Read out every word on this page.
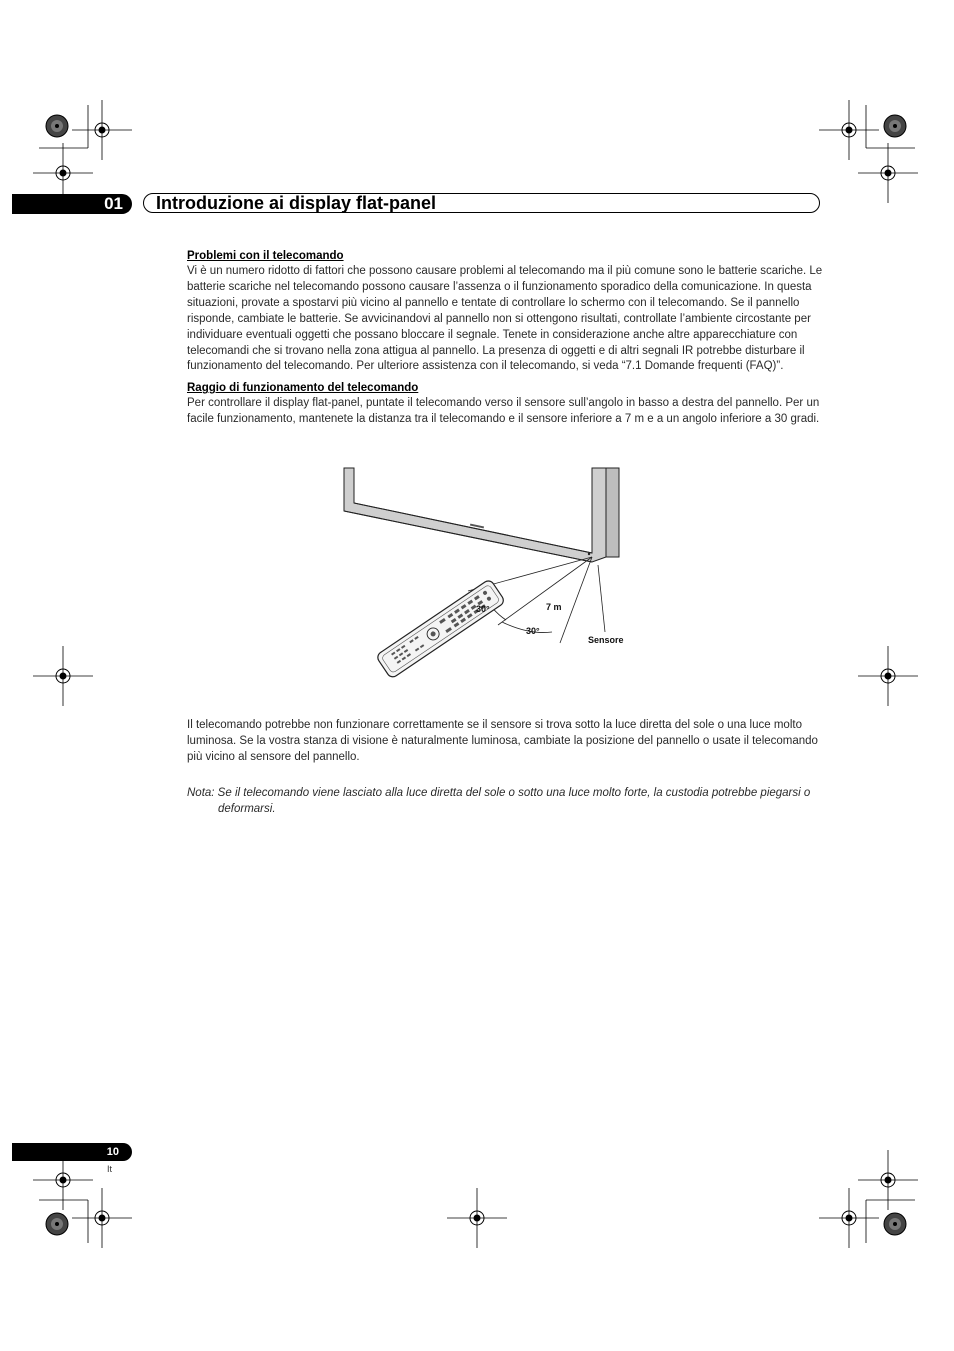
01 Introduzione ai display flat-panel

Problemi con il telecomando

Vi è un numero ridotto di fattori che possono causare problemi al telecomando ma il più comune sono le batterie scariche. Le batterie scariche nel telecomando possono causare l’assenza o il funzionamento sporadico della comunicazione. In questa situazioni, provate a spostarvi più vicino al pannello e tentate di controllare lo schermo con il telecomando. Se il pannello risponde, cambiate le batterie. Se avvicinandovi al pannello non si ottengono risultati, controllate l’ambiente circostante per individuare eventuali oggetti che possano bloccare il segnale. Tenete in considerazione anche altre apparecchiature con telecomandi che si trovano nella zona attigua al pannello. La presenza di oggetti e di altri segnali IR potrebbe disturbare il funzionamento del telecomando. Per ulteriore assistenza con il telecomando, si veda “7.1 Domande frequenti (FAQ)”.

Raggio di funzionamento del telecomando

Per controllare il display flat-panel, puntate il telecomando verso il sensore sull’angolo in basso a destra del pannello. Per un facile funzionamento, mantenete la distanza tra il telecomando e il sensore inferiore a 7 m e a un angolo inferiore a 30 gradi.

30°	7 m
30°
Sensore

Il telecomando potrebbe non funzionare correttamente se il sensore si trova sotto la luce diretta del sole o una luce molto luminosa. Se la vostra stanza di visione è naturalmente luminosa, cambiate la posizione del pannello o usate il telecomando più vicino al sensore del pannello.

Nota: Se il telecomando viene lasciato alla luce diretta del sole o sotto una luce molto forte, la custodia potrebbe piegarsi o deformarsi.

10
It
